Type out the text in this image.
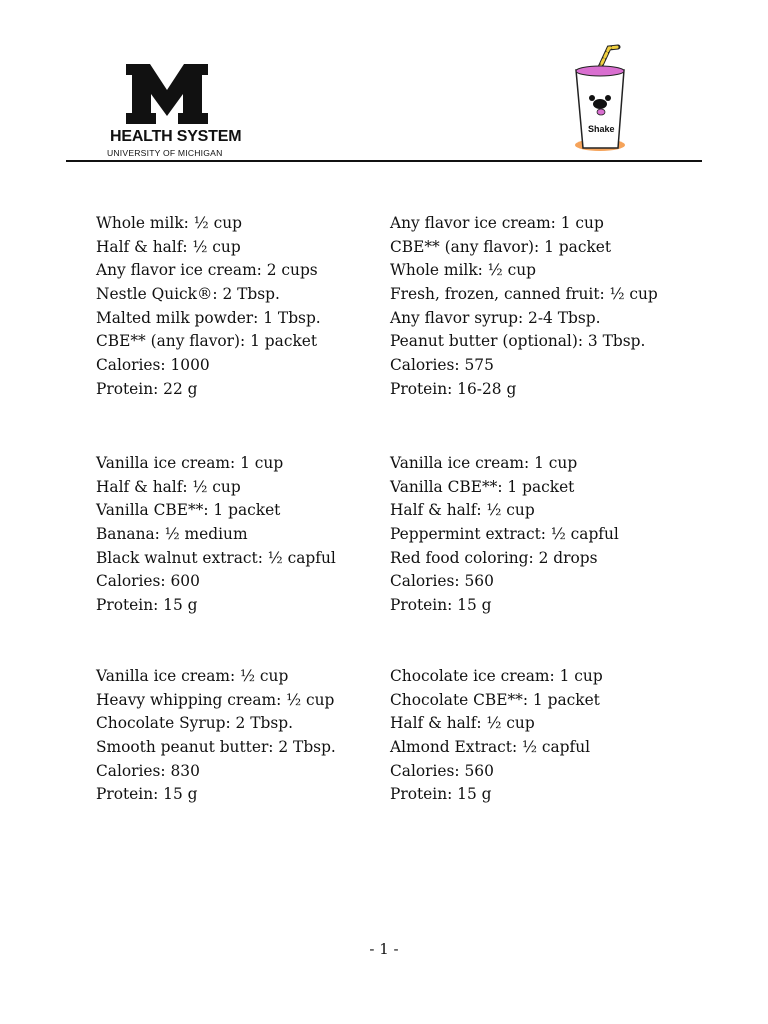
HEALTH SYSTEM
UNIVERSITY OF MICHIGAN
Shake
Whole milk: ½ cup
Half & half: ½ cup
Any flavor ice cream: 2 cups
Nestle Quick®: 2 Tbsp.
Malted milk powder: 1 Tbsp.
CBE** (any flavor): 1 packet
Calories: 1000
Protein: 22 g
Any flavor ice cream: 1 cup
CBE** (any flavor): 1 packet
Whole milk: ½ cup
Fresh, frozen, canned fruit: ½ cup
Any flavor syrup: 2-4 Tbsp.
Peanut butter (optional): 3 Tbsp.
Calories: 575
Protein: 16-28 g
Vanilla ice cream: 1 cup
Half & half: ½ cup
Vanilla CBE**: 1 packet
Banana: ½ medium
Black walnut extract: ½ capful
Calories: 600
Protein: 15 g
Vanilla ice cream: 1 cup
Vanilla CBE**: 1 packet
Half & half: ½ cup
Peppermint extract: ½ capful
Red food coloring: 2 drops
Calories: 560
Protein: 15 g
Vanilla ice cream: ½ cup
Heavy whipping cream: ½ cup
Chocolate Syrup: 2 Tbsp.
Smooth peanut butter: 2 Tbsp.
Calories: 830
Protein: 15 g
Chocolate ice cream: 1 cup
Chocolate CBE**: 1 packet
Half & half: ½ cup
Almond Extract: ½ capful
Calories: 560
Protein: 15 g
- 1 -
